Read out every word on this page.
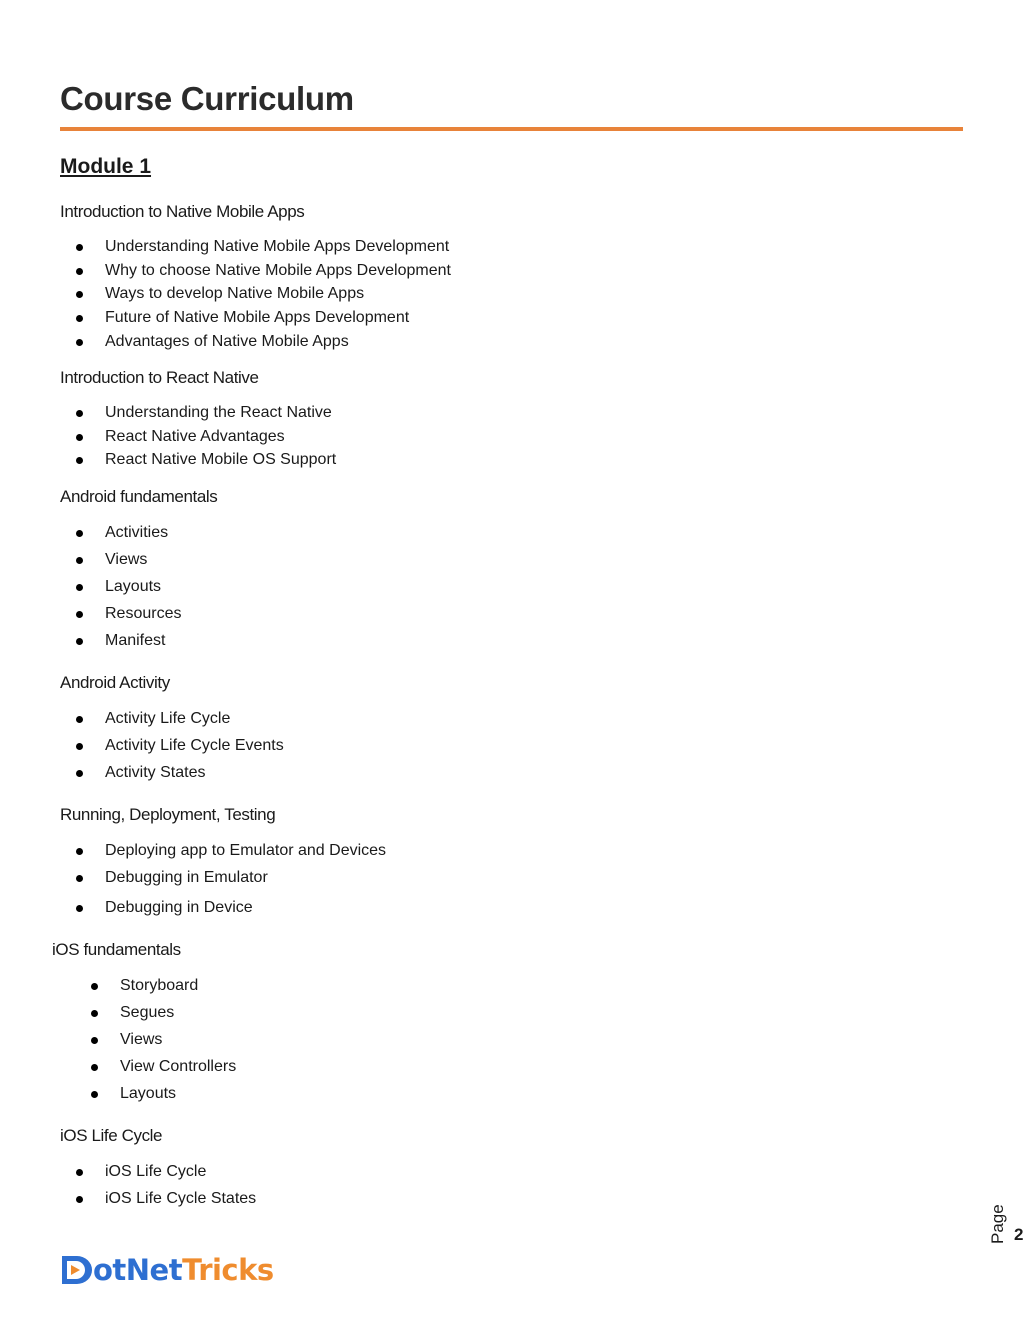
Course Curriculum
Module 1

Introduction to Native Mobile Apps

Understanding Native Mobile Apps Development
Why to choose Native Mobile Apps Development
Ways to develop Native Mobile Apps
Future of Native Mobile Apps Development
Advantages of Native Mobile Apps

Introduction to React Native

Understanding the React Native
React Native Advantages
React Native Mobile OS Support

Android fundamentals

Activities
Views
Layouts
Resources
Manifest

Android Activity

Activity Life Cycle
Activity Life Cycle Events
Activity States

Running, Deployment, Testing

Deploying app to Emulator and Devices
Debugging in Emulator
Debugging in Device

iOS fundamentals

Storyboard
Segues
Views
View Controllers
Layouts

iOS Life Cycle

iOS Life Cycle
iOS Life Cycle States
Page 2
otNet Tricks
